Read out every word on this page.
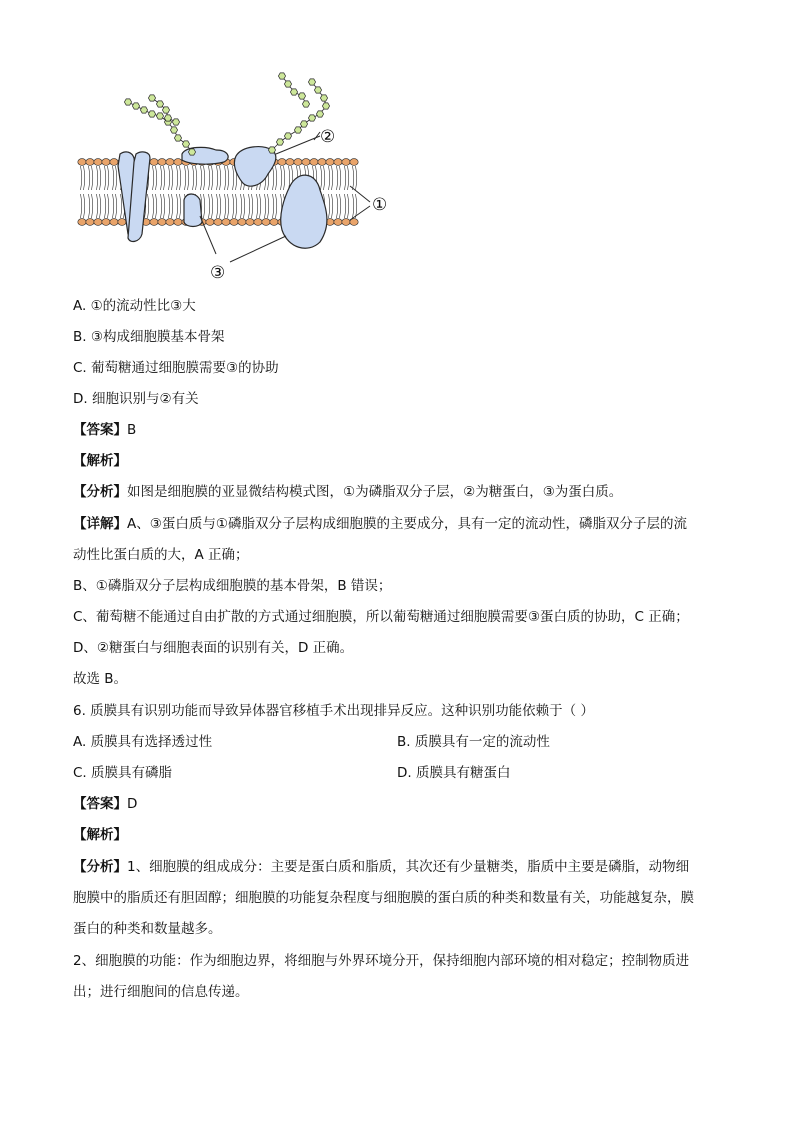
②
①
③
A. ①的流动性比③大
B. ③构成细胞膜基本骨架
C. 葡萄糖通过细胞膜需要③的协助
D. 细胞识别与②有关
【答案】B
【解析】
【分析】如图是细胞膜的亚显微结构模式图，①为磷脂双分子层，②为糖蛋白，③为蛋白质。
【详解】A、③蛋白质与①磷脂双分子层构成细胞膜的主要成分，具有一定的流动性，磷脂双分子层的流
动性比蛋白质的大，A 正确；
B、①磷脂双分子层构成细胞膜的基本骨架，B 错误；
C、葡萄糖不能通过自由扩散的方式通过细胞膜，所以葡萄糖通过细胞膜需要③蛋白质的协助，C 正确；
D、②糖蛋白与细胞表面的识别有关，D 正确。
故选 B。
6. 质膜具有识别功能而导致异体器官移植手术出现排异反应。这种识别功能依赖于（ ）
A. 质膜具有选择透过性	B. 质膜具有一定的流动性
C. 质膜具有磷脂	D. 质膜具有糖蛋白
【答案】D
【解析】
【分析】1、细胞膜的组成成分：主要是蛋白质和脂质，其次还有少量糖类，脂质中主要是磷脂，动物细
胞膜中的脂质还有胆固醇；细胞膜的功能复杂程度与细胞膜的蛋白质的种类和数量有关，功能越复杂，膜
蛋白的种类和数量越多。
2、细胞膜的功能：作为细胞边界，将细胞与外界环境分开，保持细胞内部环境的相对稳定；控制物质进
出；进行细胞间的信息传递。
